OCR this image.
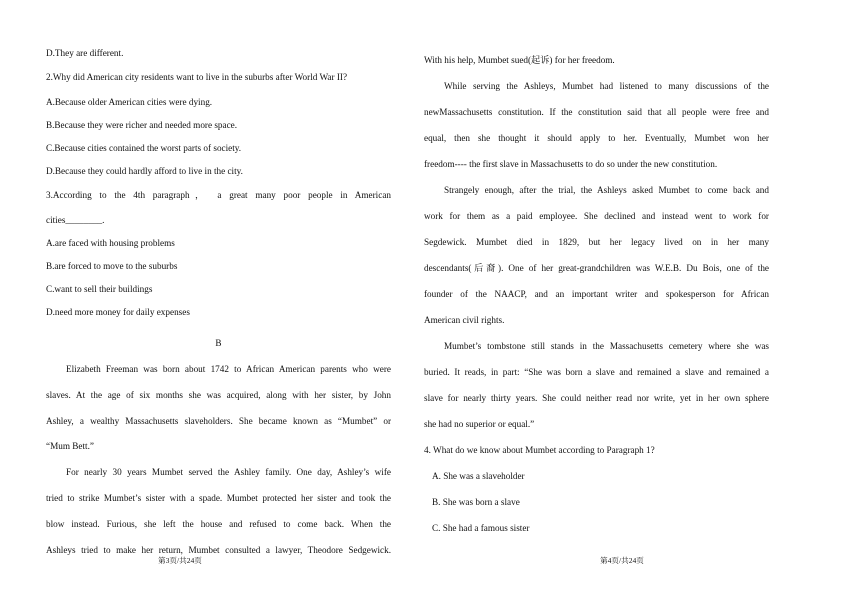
D.They are different.
2.Why did American city residents want to live in the suburbs after World War II?
A.Because older American cities were dying.
B.Because they were richer and needed more space.
C.Because cities contained the worst parts of society.
D.Because they could hardly afford to live in the city.
3.According to the 4th paragraph， a great many poor people in American
cities________.
A.are faced with housing problems
B.are forced to move to the suburbs
C.want to sell their buildings
D.need more money for daily expenses
B
Elizabeth Freeman was born about 1742 to African American parents who were
slaves. At the age of six months she was acquired, along with her sister, by John
Ashley, a wealthy Massachusetts slaveholders. She became known as “Mumbet” or
“Mum Bett.”
For nearly 30 years Mumbet served the Ashley family. One day, Ashley’s wife
tried to strike Mumbet’s sister with a spade. Mumbet protected her sister and took the
blow instead. Furious, she left the house and refused to come back. When the
Ashleys tried to make her return, Mumbet consulted a lawyer, Theodore Sedgewick.
第3页/共24页
With his help, Mumbet sued(起诉) for her freedom.
While serving the Ashleys, Mumbet had listened to many discussions of the
newMassachusetts constitution. If the constitution said that all people were free and
equal, then she thought it should apply to her. Eventually, Mumbet won her
freedom---- the first slave in Massachusetts to do so under the new constitution.
Strangely enough, after the trial, the Ashleys asked Mumbet to come back and
work for them as a paid employee. She declined and instead went to work for
Segdewick. Mumbet died in 1829, but her legacy lived on in her many
descendants(后裔). One of her great-grandchildren was W.E.B. Du Bois, one of the
founder of the NAACP, and an important writer and spokesperson for African
American civil rights.
Mumbet’s tombstone still stands in the Massachusetts cemetery where she was
buried. It reads, in part: “She was born a slave and remained a slave and remained a
slave for nearly thirty years. She could neither read nor write, yet in her own sphere
she had no superior or equal.”
4. What do we know about Mumbet according to Paragraph 1?
A. She was a slaveholder
B. She was born a slave
C. She had a famous sister
第4页/共24页
